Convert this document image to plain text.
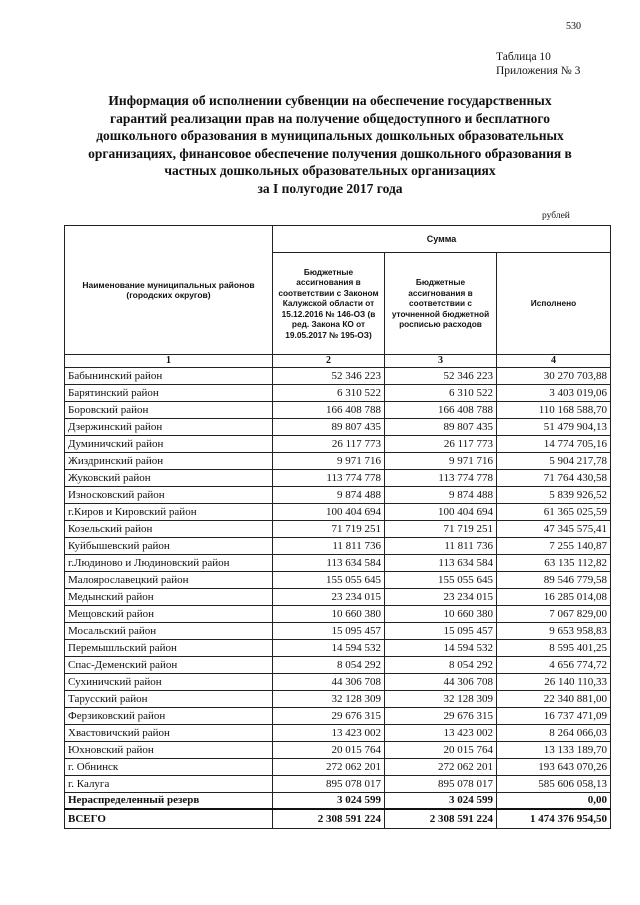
530
Таблица 10
Приложения № 3
Информация об исполнении субвенции на обеспечение государственных
гарантий реализации прав на получение общедоступного и бесплатного
дошкольного образования в муниципальных дошкольных образовательных
организациях, финансовое обеспечение получения дошкольного образования в
частных дошкольных образовательных организациях
за I полугодие 2017 года
рублей
Наименование муниципальных районов (городских округов)	Сумма		
	Бюджетные ассигнования в соответствии с Законом Калужской области от 15.12.2016 № 146-ОЗ (в ред. Закона КО от 19.05.2017 № 195-ОЗ)	Бюджетные ассигнования в соответствии с уточненной бюджетной росписью расходов	Исполнено
1	2	3	4
Бабынинский район	52 346 223	52 346 223	30 270 703,88
Барятинский район	6 310 522	6 310 522	3 403 019,06
Боровский район	166 408 788	166 408 788	110 168 588,70
Дзержинский район	89 807 435	89 807 435	51 479 904,13
Думиничский район	26 117 773	26 117 773	14 774 705,16
Жиздринский район	9 971 716	9 971 716	5 904 217,78
Жуковский район	113 774 778	113 774 778	71 764 430,58
Износковский район	9 874 488	9 874 488	5 839 926,52
г.Киров и Кировский район	100 404 694	100 404 694	61 365 025,59
Козельский район	71 719 251	71 719 251	47 345 575,41
Куйбышевский район	11 811 736	11 811 736	7 255 140,87
г.Людиново и Людиновский район	113 634 584	113 634 584	63 135 112,82
Малоярославецкий район	155 055 645	155 055 645	89 546 779,58
Медынский район	23 234 015	23 234 015	16 285 014,08
Мещовский район	10 660 380	10 660 380	7 067 829,00
Мосальский район	15 095 457	15 095 457	9 653 958,83
Перемышльский район	14 594 532	14 594 532	8 595 401,25
Спас-Деменский район	8 054 292	8 054 292	4 656 774,72
Сухиничский район	44 306 708	44 306 708	26 140 110,33
Тарусский район	32 128 309	32 128 309	22 340 881,00
Ферзиковский район	29 676 315	29 676 315	16 737 471,09
Хвастовичский район	13 423 002	13 423 002	8 264 066,03
Юхновский район	20 015 764	20 015 764	13 133 189,70
г. Обнинск	272 062 201	272 062 201	193 643 070,26
г. Калуга	895 078 017	895 078 017	585 606 058,13
Нераспределенный резерв	3 024 599	3 024 599	0,00
ВСЕГО	2 308 591 224	2 308 591 224	1 474 376 954,50
